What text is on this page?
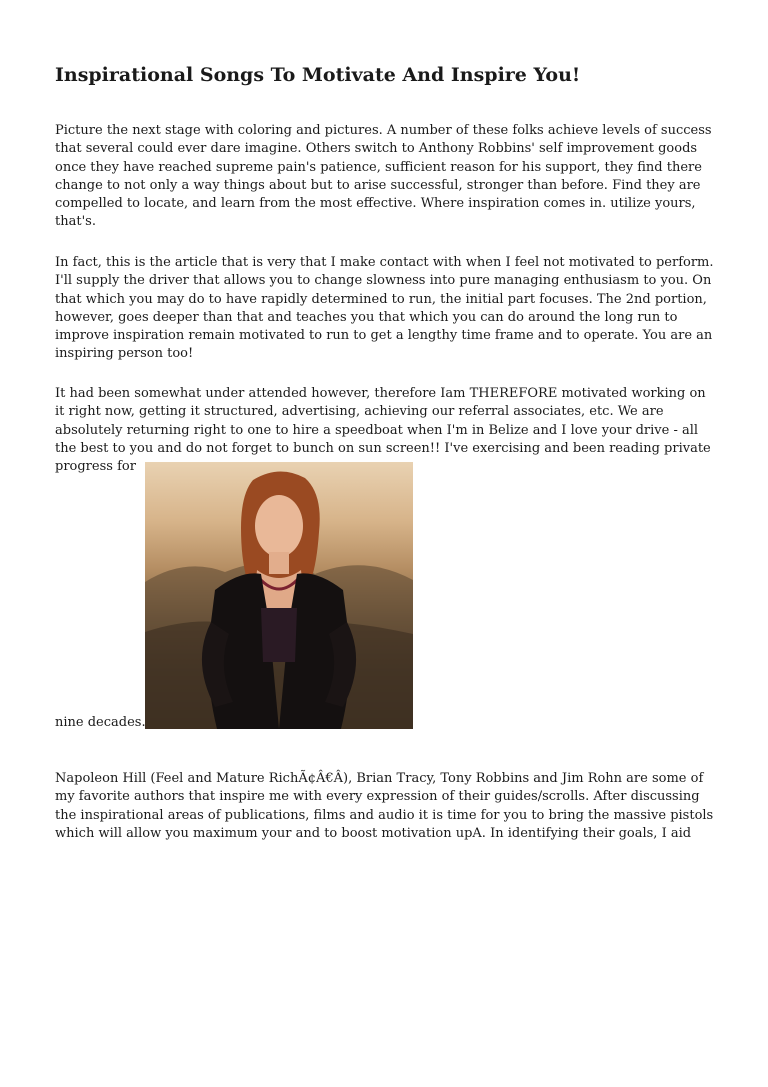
Inspirational Songs To Motivate And Inspire You!

Picture the next stage with coloring and pictures. A number of these folks achieve levels of success that several could ever dare imagine. Others switch to Anthony Robbins' self improvement goods once they have reached supreme pain's patience, sufficient reason for his support, they find there change to not only a way things about but to arise successful, stronger than before. Find they are compelled to locate, and learn from the most effective. Where inspiration comes in. utilize yours, that's.

In fact, this is the article that is very that I make contact with when I feel not motivated to perform. I'll supply the driver that allows you to change slowness into pure managing enthusiasm to you. On that which you may do to have rapidly determined to run, the initial part focuses. The 2nd portion, however, goes deeper than that and teaches you that which you can do around the long run to improve inspiration remain motivated to run to get a lengthy time frame and to operate. You are an inspiring person too!

It had been somewhat under attended however, therefore Iam THEREFORE motivated working on it right now, getting it structured, advertising, achieving our referral associates, etc. We are absolutely returning right to one to hire a speedboat when I'm in Belize and I love your drive - all the best to you and do not forget to bunch on sun screen!! I've exercising and been reading private progress for

nine decades.

Napoleon Hill (Feel and Mature RichÃ¢Â€Â), Brian Tracy, Tony Robbins and Jim Rohn are some of my favorite authors that inspire me with every expression of their guides/scrolls. After discussing the inspirational areas of publications, films and audio it is time for you to bring the massive pistols which will allow you maximum your and to boost motivation upA. In identifying their goals, I aid
